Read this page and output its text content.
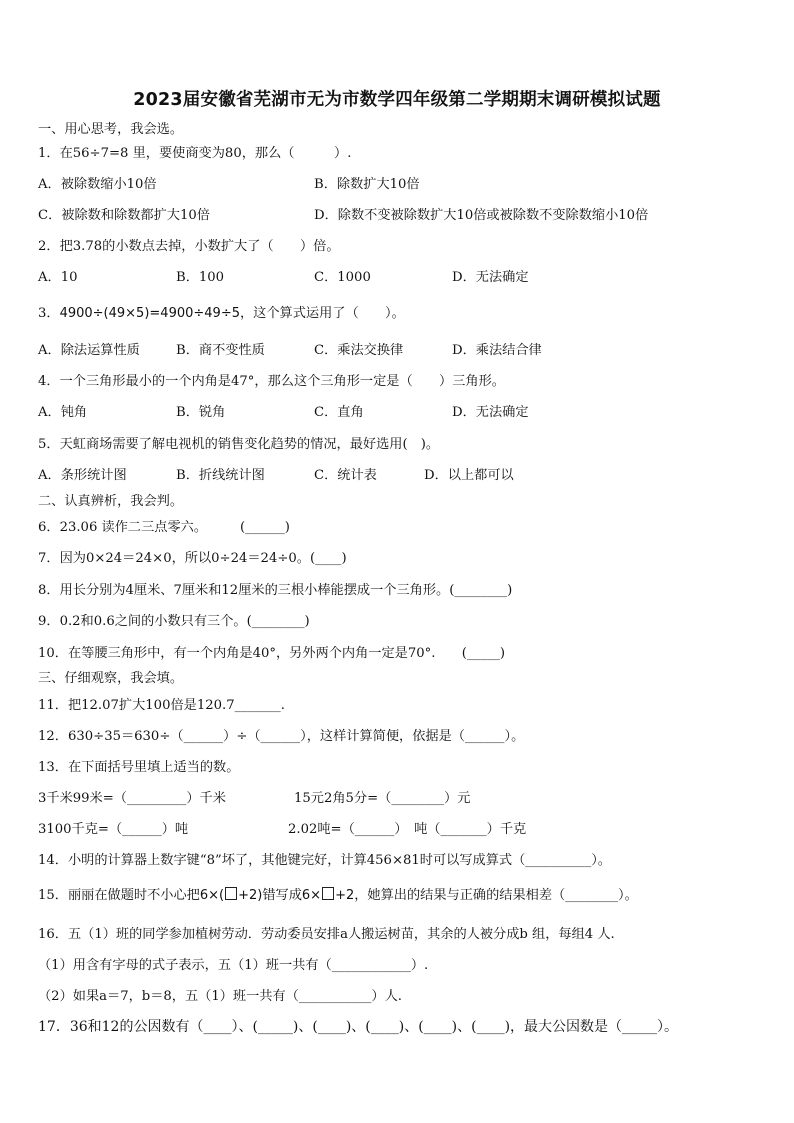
2023届安徽省芜湖市无为市数学四年级第二学期期末调研模拟试题
一、用心思考，我会选。
1．在56÷7=8 里，要使商变为80，那么（　　　）.
A．被除数缩小10倍	B．除数扩大10倍
C．被除数和除数都扩大10倍	D．除数不变被除数扩大10倍或被除数不变除数缩小10倍
2．把3.78的小数点去掉，小数扩大了（　　）倍。
A．10	B．100	C．1000	D．无法确定
3．4900÷(49×5)=4900÷49÷5，这个算式运用了（　　）。
A．除法运算性质	B．商不变性质	C．乘法交换律	D．乘法结合律
4．一个三角形最小的一个内角是47°，那么这个三角形一定是（　　）三角形。
A．钝角	B．锐角	C．直角	D．无法确定
5．天虹商场需要了解电视机的销售变化趋势的情况，最好选用(　)。
A．条形统计图	B．折线统计图	C．统计表	D．以上都可以
二、认真辨析，我会判。
6．23.06 读作二三点零六。　　　(______)
7．因为0×24＝24×0，所以0÷24＝24÷0。(____)
8．用长分别为4厘米、7厘米和12厘米的三根小棒能摆成一个三角形。(________)
9．0.2和0.6之间的小数只有三个。(________)
10．在等腰三角形中，有一个内角是40°，另外两个内角一定是70°.　　(_____)
三、仔细观察，我会填。
11．把12.07扩大100倍是120.7_______.
12．630÷35＝630÷（______）÷（______），这样计算简便，依据是（______）。
13．在下面括号里填上适当的数。
3千米99米=（_________）千米	15元2角5分=（________）元
3100千克=（______）吨	2.02吨=（______）　吨（_______）千克
14．小明的计算器上数字键“8”坏了，其他键完好，计算456×81时可以写成算式（__________）。
15．丽丽在做题时不小心把6×( +2)错写成6× +2，她算出的结果与正确的结果相差（________）。
16．五（1）班的同学参加植树劳动．劳动委员安排a人搬运树苗，其余的人被分成b 组，每组4 人.
（1）用含有字母的式子表示，五（1）班一共有（____________）.
（2）如果a＝7，b＝8，五（1）班一共有（___________）人.
17．36和12的公因数有（____）、(_____)、(____)、(____)、(____)、(____)，最大公因数是（_____）。
